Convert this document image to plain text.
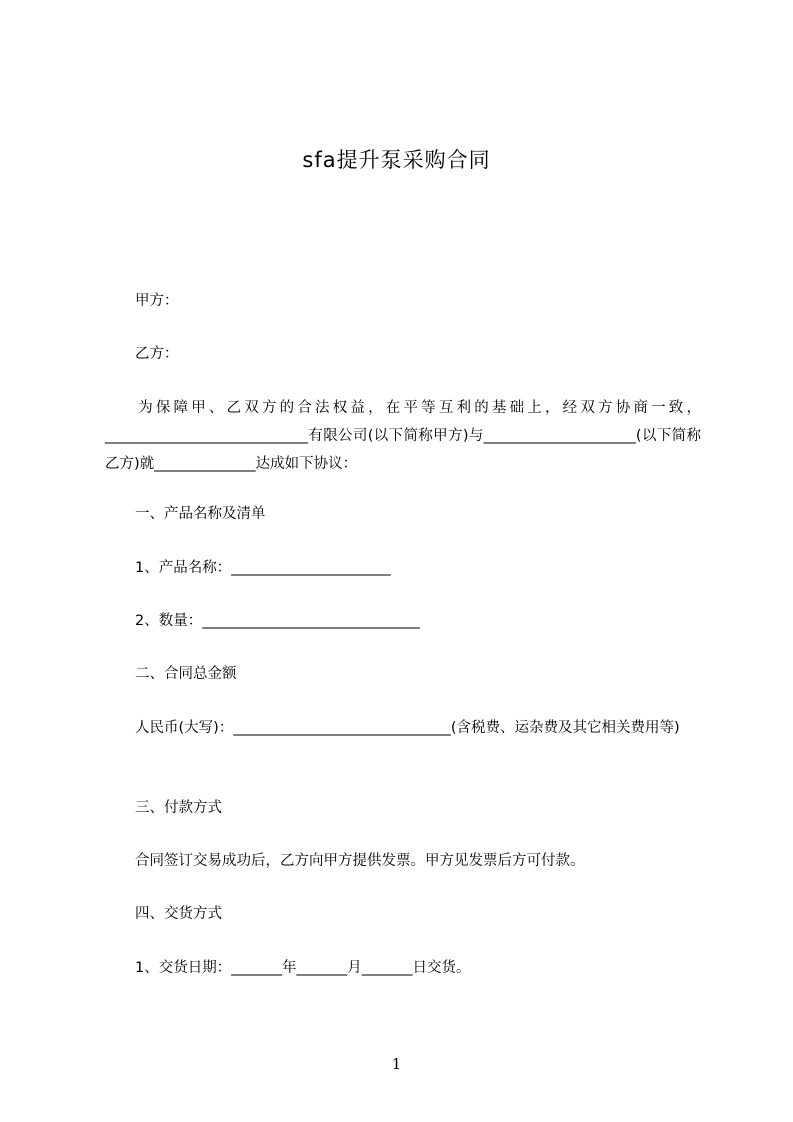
sfa提升泵采购合同
甲方：
乙方：
为保障甲、乙双方的合法权益，在平等互利的基础上，经双方协商一致，____________________________有限公司(以下简称甲方)与_____________________(以下简称乙方)就______________达成如下协议：
一、产品名称及清单
1、产品名称：______________________
2、数量：______________________________
二、合同总金额
人民币(大写)：______________________________(含税费、运杂费及其它相关费用等)
三、付款方式
合同签订交易成功后，乙方向甲方提供发票。甲方见发票后方可付款。
四、交货方式
1、交货日期：_______年_______月_______日交货。
1
